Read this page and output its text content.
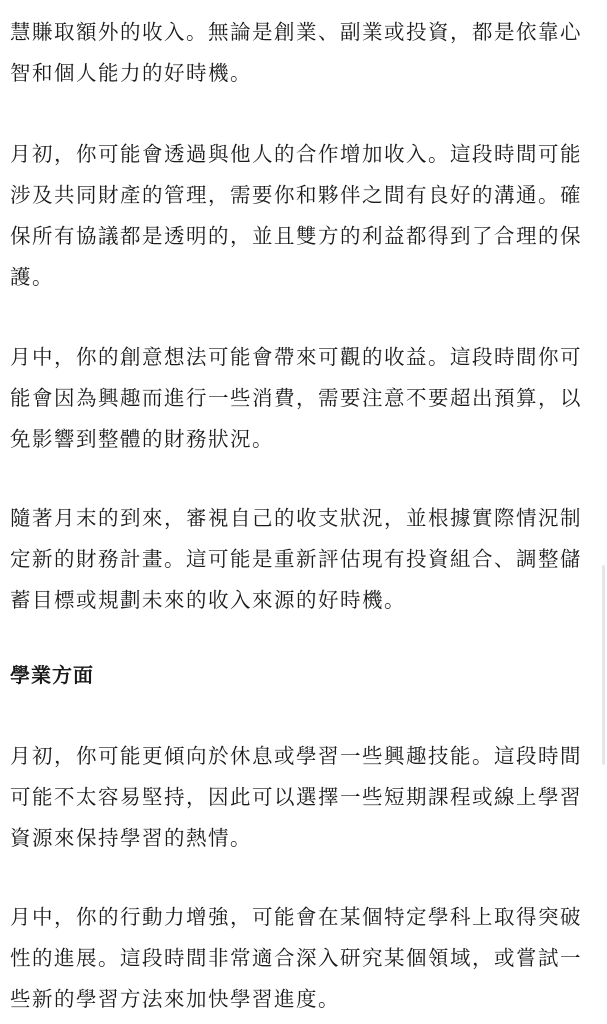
慧賺取額外的收入。無論是創業、副業或投資，都是依靠心智和個人能力的好時機。

月初，你可能會透過與他人的合作增加收入。這段時間可能涉及共同財產的管理，需要你和夥伴之間有良好的溝通。確保所有協議都是透明的，並且雙方的利益都得到了合理的保護。

月中，你的創意想法可能會帶來可觀的收益。這段時間你可能會因為興趣而進行一些消費，需要注意不要超出預算，以免影響到整體的財務狀況。

隨著月末的到來，審視自己的收支狀況，並根據實際情況制定新的財務計畫。這可能是重新評估現有投資組合、調整儲蓄目標或規劃未來的收入來源的好時機。

學業方面

月初，你可能更傾向於休息或學習一些興趣技能。這段時間可能不太容易堅持，因此可以選擇一些短期課程或線上學習資源來保持學習的熱情。

月中，你的行動力增強，可能會在某個特定學科上取得突破性的進展。這段時間非常適合深入研究某個領域，或嘗試一些新的學習方法來加快學習進度。
